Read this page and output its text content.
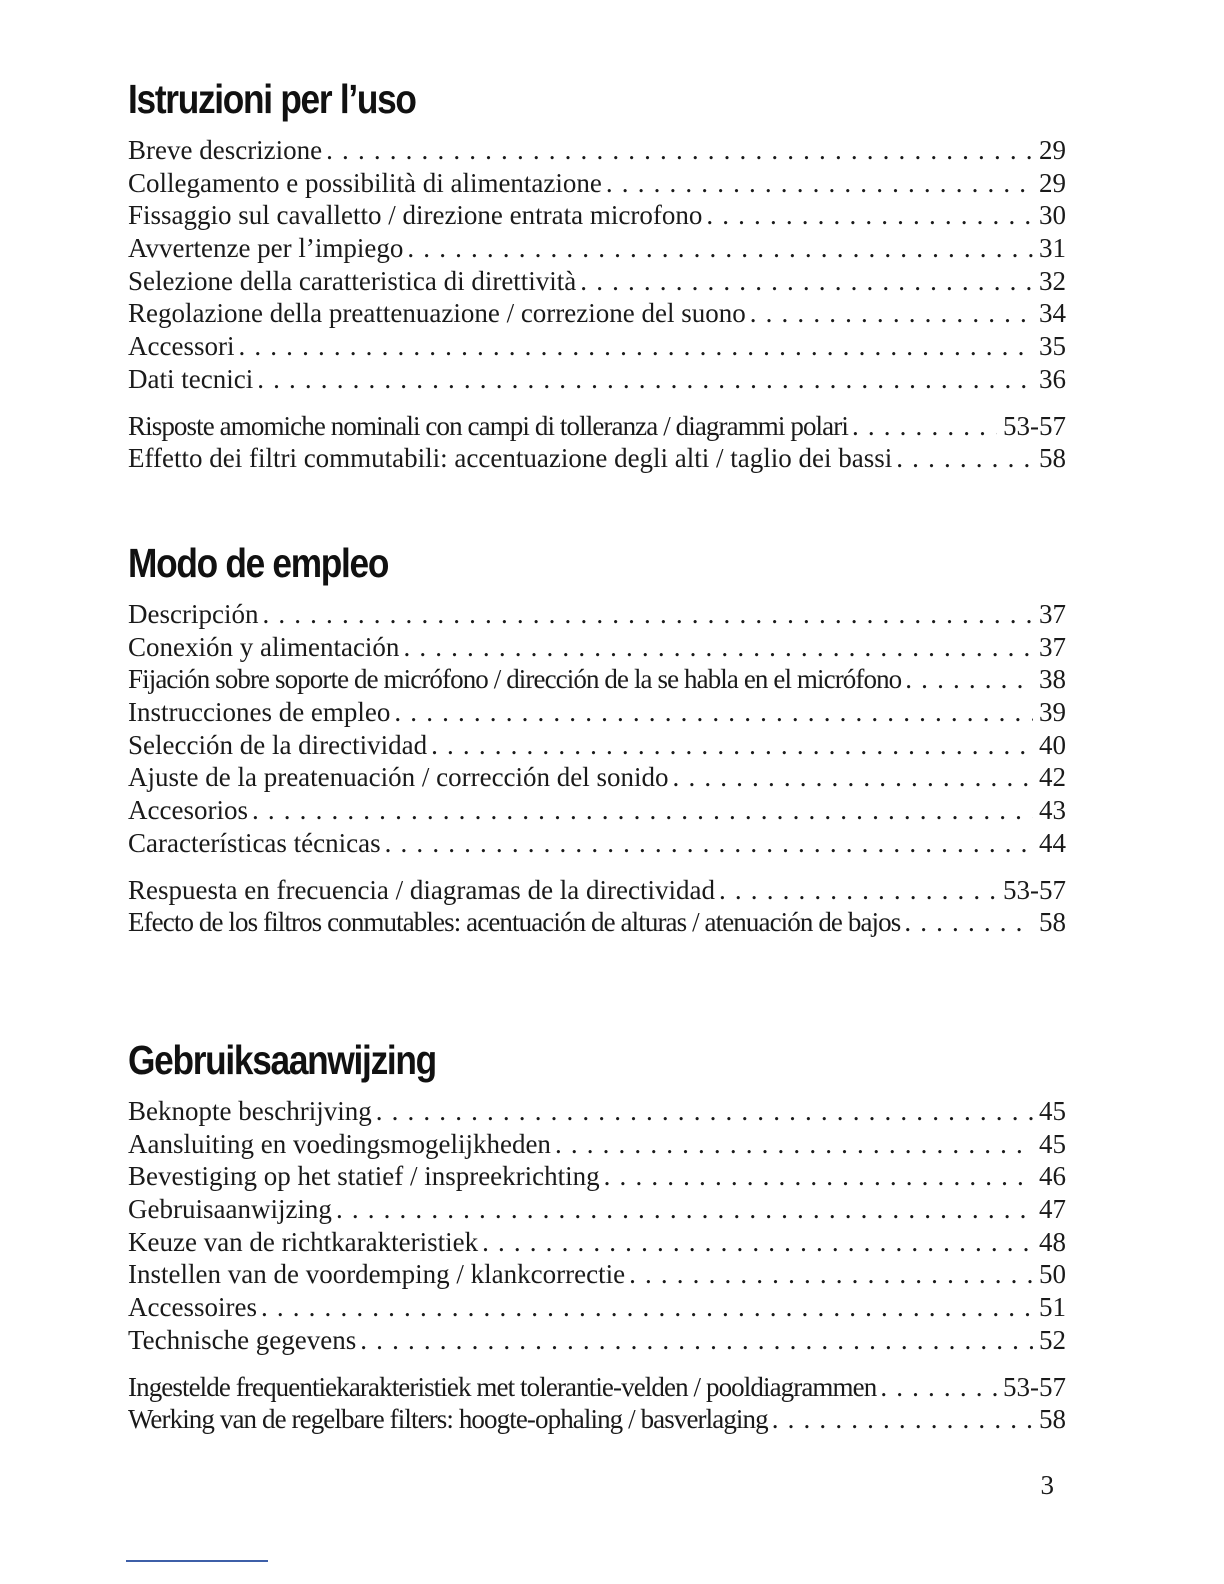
Istruzioni per l’uso
Breve descrizione . . .	29
Collegamento e possibilità di alimentazione . . .	29
Fissaggio sul cavalletto / direzione entrata microfono . . .	30
Avvertenze per l’impiego . . .	31
Selezione della caratteristica di direttività . . .	32
Regolazione della preattenuazione / correzione del suono . . .	34
Accessori . . .	35
Dati tecnici . . .	36
Risposte amomiche nominali con campi di tolleranza / diagrammi polari . . .	53-57
Effetto dei filtri commutabili: accentuazione degli alti / taglio dei bassi . . .	58
Modo de empleo
Descripción . . .	37
Conexión y alimentación . . .	37
Fijación sobre soporte de micrófono / dirección de la se habla en el micrófono . . .	38
Instrucciones de empleo . . .	39
Selección de la directividad . . .	40
Ajuste de la preatenuación / corrección del sonido . . .	42
Accesorios . . .	43
Características técnicas . . .	44
Respuesta en frecuencia / diagramas de la directividad . . .	53-57
Efecto de los filtros conmutables: acentuación de alturas / atenuación de bajos . . .	58
Gebruiksaanwijzing
Beknopte beschrijving . . .	45
Aansluiting en voedingsmogelijkheden . . .	45
Bevestiging op het statief / inspreekrichting . . .	46
Gebruisaanwijzing . . .	47
Keuze van de richtkarakteristiek . . .	48
Instellen van de voordemping / klankcorrectie . . .	50
Accessoires . . .	51
Technische gegevens . . .	52
Ingestelde frequentiekarakteristiek met tolerantie-velden / pooldiagrammen . . .	53-57
Werking van de regelbare filters: hoogte-ophaling / basverlaging . . .	58
3
